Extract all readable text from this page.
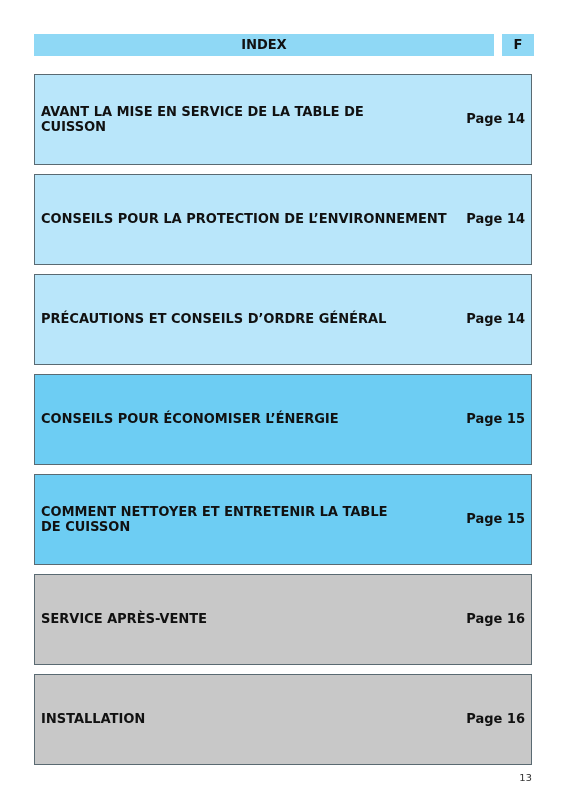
INDEX	F
AVANT LA MISE EN SERVICE DE LA TABLE DE CUISSON	Page 14
CONSEILS POUR LA PROTECTION DE L’ENVIRONNEMENT Page 14
PRÉCAUTIONS ET CONSEILS D’ORDRE GÉNÉRAL	Page 14
CONSEILS POUR ÉCONOMISER L’ÉNERGIE	Page 15
COMMENT NETTOYER ET ENTRETENIR LA TABLE DE CUISSON	Page 15
SERVICE APRÈS-VENTE	Page 16
INSTALLATION	Page 16
13
